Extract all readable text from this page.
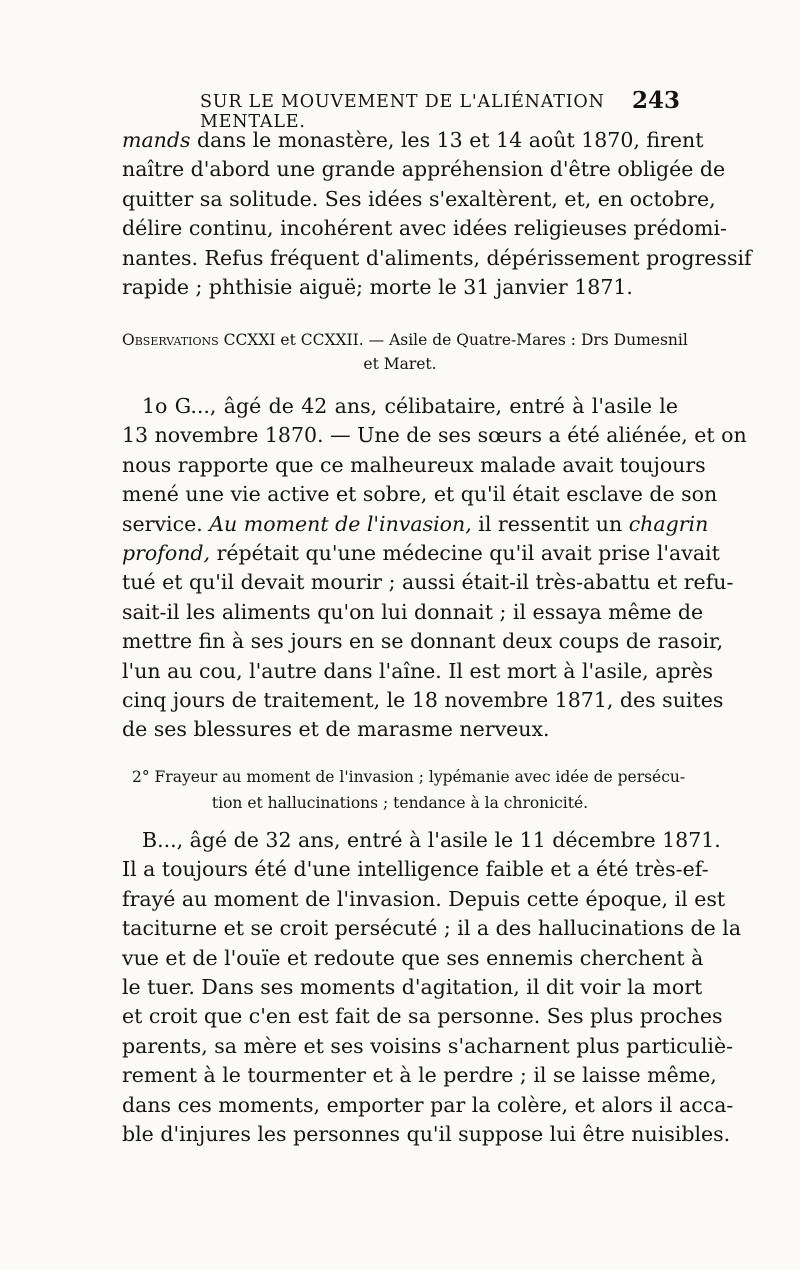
SUR LE MOUVEMENT DE L'ALIÉNATION MENTALE.
243
mands dans le monastère, les 13 et 14 août 1870, firent
naître d'abord une grande appréhension d'être obligée de
quitter sa solitude. Ses idées s'exaltèrent, et, en octobre,
délire continu, incohérent avec idées religieuses prédomi-
nantes. Refus fréquent d'aliments, dépérissement progressif
rapide ; phthisie aiguë; morte le 31 janvier 1871.
Observations CCXXI et CCXXII. — Asile de Quatre-Mares : Drs Dumesnil
et Maret.
1o G..., âgé de 42 ans, célibataire, entré à l'asile le
13 novembre 1870. — Une de ses sœurs a été aliénée, et on
nous rapporte que ce malheureux malade avait toujours
mené une vie active et sobre, et qu'il était esclave de son
service. Au moment de l'invasion, il ressentit un chagrin
profond, répétait qu'une médecine qu'il avait prise l'avait
tué et qu'il devait mourir ; aussi était-il très-abattu et refu-
sait-il les aliments qu'on lui donnait ; il essaya même de
mettre fin à ses jours en se donnant deux coups de rasoir,
l'un au cou, l'autre dans l'aîne. Il est mort à l'asile, après
cinq jours de traitement, le 18 novembre 1871, des suites
de ses blessures et de marasme nerveux.
2° Frayeur au moment de l'invasion ; lypémanie avec idée de persécu-
tion et hallucinations ; tendance à la chronicité.
B..., âgé de 32 ans, entré à l'asile le 11 décembre 1871.
Il a toujours été d'une intelligence faible et a été très-ef-
frayé au moment de l'invasion. Depuis cette époque, il est
taciturne et se croit persécuté ; il a des hallucinations de la
vue et de l'ouïe et redoute que ses ennemis cherchent à
le tuer. Dans ses moments d'agitation, il dit voir la mort
et croit que c'en est fait de sa personne. Ses plus proches
parents, sa mère et ses voisins s'acharnent plus particuliè-
rement à le tourmenter et à le perdre ; il se laisse même,
dans ces moments, emporter par la colère, et alors il acca-
ble d'injures les personnes qu'il suppose lui être nuisibles.
